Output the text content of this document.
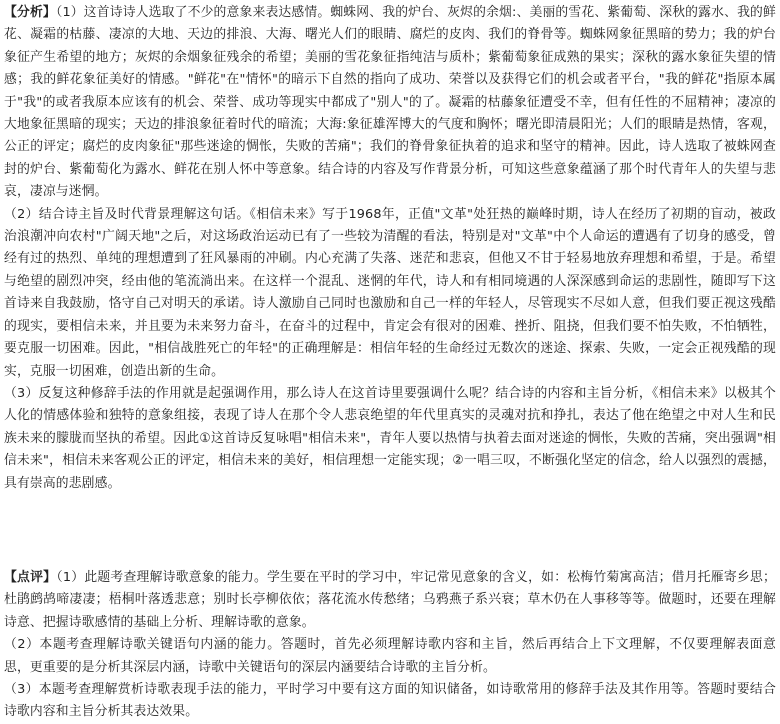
【分析】（1）这首诗诗人选取了不少的意象来表达感情。蜘蛛网、我的炉台、灰烬的余烟:、美丽的雪花、紫葡萄、深秋的露水、我的鲜花、凝霜的枯藤、凄凉的大地、天边的排浪、大海、曙光人们的眼睛、腐烂的皮肉、我们的脊骨等。蜘蛛网象征黑暗的势力；我的炉台象征产生希望的地方；灰烬的余烟象征残余的希望；美丽的雪花象征指纯洁与质朴；紫葡萄象征成熟的果实；深秋的露水象征失望的情感；我的鲜花象征美好的情感。"鲜花"在"情怀"的暗示下自然的指向了成功、荣誉以及获得它们的机会或者平台，"我的鲜花"指原本属于"我"的或者我原本应该有的机会、荣誉、成功等现实中都成了"别人"的了。凝霜的枯藤象征遭受不幸，但有任性的不屈精神；凄凉的大地象征黑暗的现实；天边的排浪象征着时代的暗流；大海:象征雄浑博大的气度和胸怀；曙光即清晨阳光；人们的眼睛是热情，客观，公正的评定；腐烂的皮肉象征"那些迷途的惆怅，失败的苦痛"；我们的脊骨象征执着的追求和坚守的精神。因此，诗人选取了被蛛网查封的炉台、紫葡萄化为露水、鲜花在别人怀中等意象。结合诗的内容及写作背景分析，可知这些意象蕴涵了那个时代青年人的失望与悲哀，凄凉与迷惘。

（2）结合诗主旨及时代背景理解这句话。《相信未来》写于1968年，正值"文革"处狂热的巅峰时期，诗人在经历了初期的盲动，被政治浪潮冲向农村"广阔天地"之后，对这场政治运动已有了一些较为清醒的看法，特别是对"文革"中个人命运的遭遇有了切身的感受，曾经有过的热烈、单纯的理想遭到了狂风暴雨的冲刷。内心充满了失落、迷茫和悲哀，但他又不甘于轻易地放弃理想和希望，于是。希望与绝望的剧烈冲突，经由他的笔流淌出来。在这样一个混乱、迷惘的年代，诗人和有相同境遇的人深深感到命运的悲剧性，随即写下这首诗来自我鼓励，恪守自己对明天的承诺。诗人激励自己同时也激励和自己一样的年轻人，尽管现实不尽如人意，但我们要正视这残酷的现实，要相信未来，并且要为未来努力奋斗，在奋斗的过程中，肯定会有很对的困难、挫折、阻挠，但我们要不怕失败，不怕牺牲，要克服一切困难。因此，"相信战胜死亡的年轻"的正确理解是：相信年轻的生命经过无数次的迷途、探索、失败，一定会正视残酷的现实，克服一切困难，创造出新的生命。

（3）反复这种修辞手法的作用就是起强调作用，那么诗人在这首诗里要强调什么呢？结合诗的内容和主旨分析，《相信未来》以极其个人化的情感体验和独特的意象组接，表现了诗人在那个令人悲哀绝望的年代里真实的灵魂对抗和挣扎，表达了他在绝望之中对人生和民族未来的朦胧而坚执的希望。因此①这首诗反复咏唱"相信未来"，青年人要以热情与执着去面对迷途的惆怅，失败的苦痛，突出强调"相信未来"，相信未来客观公正的评定，相信未来的美好，相信理想一定能实现；②一唱三叹，不断强化坚定的信念，给人以强烈的震撼，具有崇高的悲剧感。

【点评】（1）此题考查理解诗歌意象的能力。学生要在平时的学习中，牢记常见意象的含义，如：松梅竹菊寓高洁；借月托雁寄乡思；杜鹃鹧鸪啼凄凄；梧桐叶落透悲意；别时长亭柳依依；落花流水传愁绪；乌鸦燕子系兴衰；草木仍在人事移等等。做题时，还要在理解诗意、把握诗歌感情的基础上分析、理解诗歌的意象。

（2）本题考查理解诗歌关键语句内涵的能力。答题时，首先必须理解诗歌内容和主旨，然后再结合上下文理解，不仅要理解表面意思，更重要的是分析其深层内涵，诗歌中关键语句的深层内涵要结合诗歌的主旨分析。

（3）本题考查理解赏析诗歌表现手法的能力，平时学习中要有这方面的知识储备，如诗歌常用的修辞手法及其作用等。答题时要结合诗歌内容和主旨分析其表达效果。
